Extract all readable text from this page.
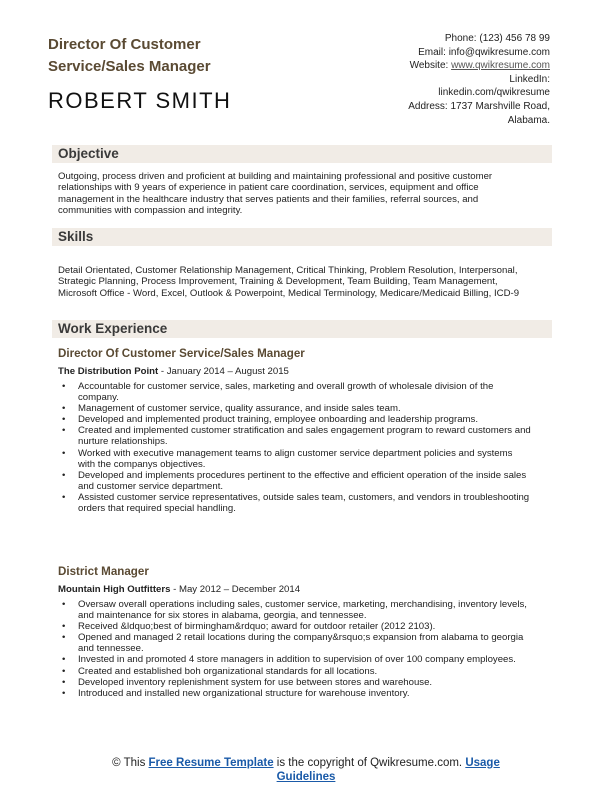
Director Of Customer Service/Sales Manager
ROBERT SMITH
Phone: (123) 456 78 99
Email: info@qwikresume.com
Website: www.qwikresume.com
LinkedIn:
linkedin.com/qwikresume
Address: 1737 Marshville Road,
Alabama.
Objective
Outgoing, process driven and proficient at building and maintaining professional and positive customer relationships with 9 years of experience in patient care coordination, services, equipment and office management in the healthcare industry that serves patients and their families, referral sources, and communities with compassion and integrity.
Skills
Detail Orientated, Customer Relationship Management, Critical Thinking, Problem Resolution, Interpersonal, Strategic Planning, Process Improvement, Training & Development, Team Building, Team Management, Microsoft Office - Word, Excel, Outlook & Powerpoint, Medical Terminology, Medicare/Medicaid Billing, ICD-9
Work Experience
Director Of Customer Service/Sales Manager
The Distribution Point - January 2014 – August 2015
• Accountable for customer service, sales, marketing and overall growth of wholesale division of the company.
• Management of customer service, quality assurance, and inside sales team.
• Developed and implemented product training, employee onboarding and leadership programs.
• Created and implemented customer stratification and sales engagement program to reward customers and nurture relationships.
• Worked with executive management teams to align customer service department policies and systems with the companys objectives.
• Developed and implements procedures pertinent to the effective and efficient operation of the inside sales and customer service department.
• Assisted customer service representatives, outside sales team, customers, and vendors in troubleshooting orders that required special handling.
District Manager
Mountain High Outfitters - May 2012 – December 2014
• Oversaw overall operations including sales, customer service, marketing, merchandising, inventory levels, and maintenance for six stores in alabama, georgia, and tennessee.
• Received &ldquo;best of birmingham&rdquo; award for outdoor retailer (2012 2103).
• Opened and managed 2 retail locations during the company&rsquo;s expansion from alabama to georgia and tennessee.
• Invested in and promoted 4 store managers in addition to supervision of over 100 company employees.
• Created and established boh organizational standards for all locations.
• Developed inventory replenishment system for use between stores and warehouse.
• Introduced and installed new organizational structure for warehouse inventory.
© This Free Resume Template is the copyright of Qwikresume.com. Usage
Guidelines
